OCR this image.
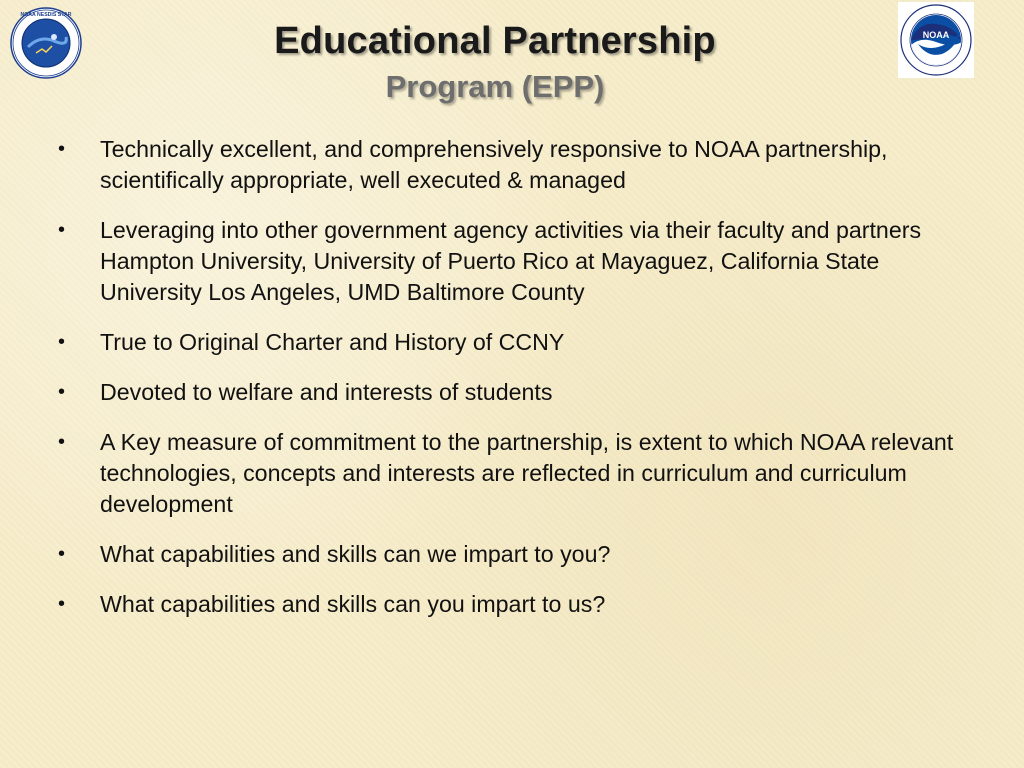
NOAA NESDIS STAR
NOAA
Educational Partnership
Program (EPP)
• Technically excellent, and comprehensively responsive to NOAA partnership, scientifically appropriate, well executed & managed
• Leveraging into other government agency activities via their faculty and partners Hampton University, University of Puerto Rico at Mayaguez, California State University Los Angeles, UMD Baltimore County
• True to Original Charter and History of CCNY
• Devoted to welfare and interests of students
• A Key measure of commitment to the partnership, is extent to which NOAA relevant technologies, concepts and interests are reflected in curriculum and curriculum development
• What capabilities and skills can we impart to you?
• What capabilities and skills can you impart to us?
